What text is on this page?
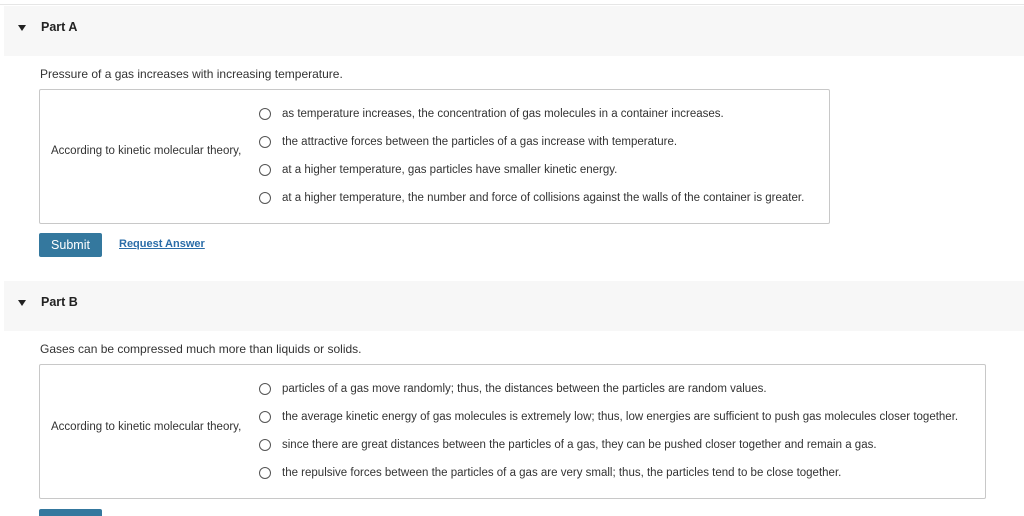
Part A
Pressure of a gas increases with increasing temperature.
According to kinetic molecular theory,
as temperature increases, the concentration of gas molecules in a container increases.
the attractive forces between the particles of a gas increase with temperature.
at a higher temperature, gas particles have smaller kinetic energy.
at a higher temperature, the number and force of collisions against the walls of the container is greater.
Submit	Request Answer
Part B
Gases can be compressed much more than liquids or solids.
According to kinetic molecular theory,
particles of a gas move randomly; thus, the distances between the particles are random values.
the average kinetic energy of gas molecules is extremely low; thus, low energies are sufficient to push gas molecules closer together.
since there are great distances between the particles of a gas, they can be pushed closer together and remain a gas.
the repulsive forces between the particles of a gas are very small; thus, the particles tend to be close together.
